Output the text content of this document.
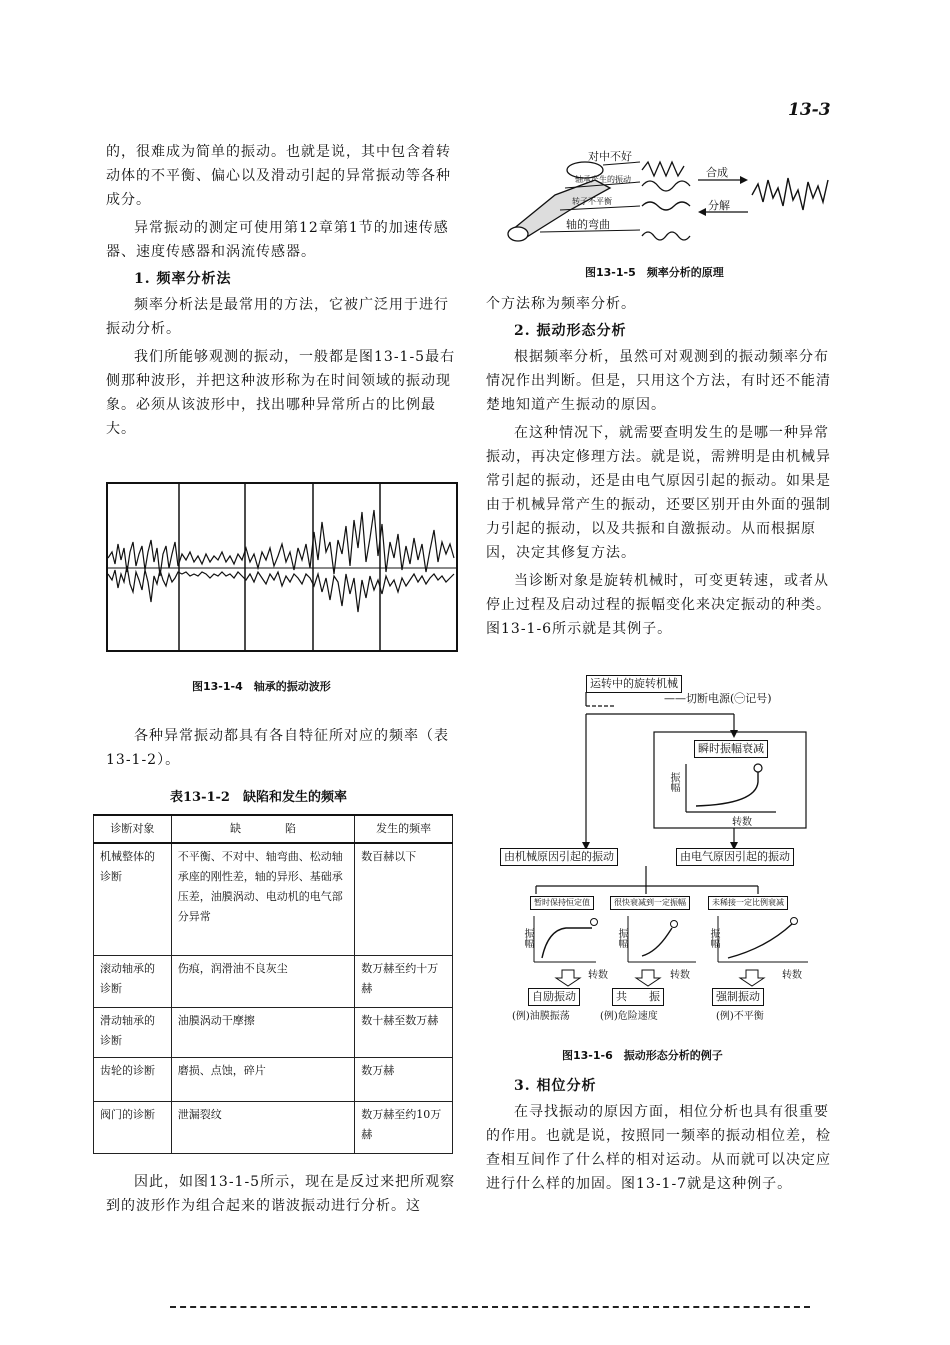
13-3

的，很难成为简单的振动。也就是说，其中包含着转动体的不平衡、偏心以及滑动引起的异常振动等各种成分。

异常振动的测定可使用第12章第1节的加速传感器、速度传感器和涡流传感器。

1. 频率分析法

频率分析法是最常用的方法，它被广泛用于进行振动分析。

我们所能够观测的振动，一般都是图13-1-5最右侧那种波形，并把这种波形称为在时间领域的振动现象。必须从该波形中，找出哪种异常所占的比例最大。

图13-1-4　轴承的振动波形

各种异常振动都具有各自特征所对应的频率（表13-1-2）。

表13-1-2　缺陷和发生的频率
诊断对象	缺　　　　陷	发生的频率
机械整体的诊断	不平衡、不对中、轴弯曲、松动轴承座的刚性差，轴的异形、基础承压差，油膜涡动、电动机的电气部分异常	数百赫以下
滚动轴承的诊断	伤痕，润滑油不良灰尘	数万赫至约十万赫
滑动轴承的诊断	油膜涡动干摩擦	数十赫至数万赫
齿轮的诊断	磨损、点蚀，碎片	数万赫
阀门的诊断	泄漏裂纹	数万赫至约10万赫

因此，如图13-1-5所示，现在是反过来把所观察到的波形作为组合起来的谐波振动进行分析。这

对中不好
轴承产生的振动
转子不平衡
轴的弯曲
合成
分解
图13-1-5　频率分析的原理

个方法称为频率分析。

2. 振动形态分析

根据频率分析，虽然可对观测到的振动频率分布情况作出判断。但是，只用这个方法，有时还不能清楚地知道产生振动的原因。

在这种情况下，就需要查明发生的是哪一种异常振动，再决定修理方法。就是说，需辨明是由机械异常引起的振动，还是由电气原因引起的振动。如果是由于机械异常产生的振动，还要区别开由外面的强制力引起的振动，以及共振和自激振动。从而根据原因，决定其修复方法。

当诊断对象是旋转机械时，可变更转速，或者从停止过程及启动过程的振幅变化来决定振动的种类。图13-1-6所示就是其例子。

运转中的旋转机械
——切断电源(㊀记号)
瞬时振幅衰减
振幅
转数
由机械原因引起的振动	由电气原因引起的振动
暂时保持恒定值	很快衰减到一定振幅	未稀接一定比例衰减
振幅	振幅	振幅
转数	转数	转数
自励振动	共　　振	强制振动
(例)油膜振荡	(例)危险速度	(例)不平衡
图13-1-6　振动形态分析的例子
3. 相位分析

在寻找振动的原因方面，相位分析也具有很重要的作用。也就是说，按照同一频率的振动相位差，检查相互间作了什么样的相对运动。从而就可以决定应进行什么样的加固。图13-1-7就是这种例子。
